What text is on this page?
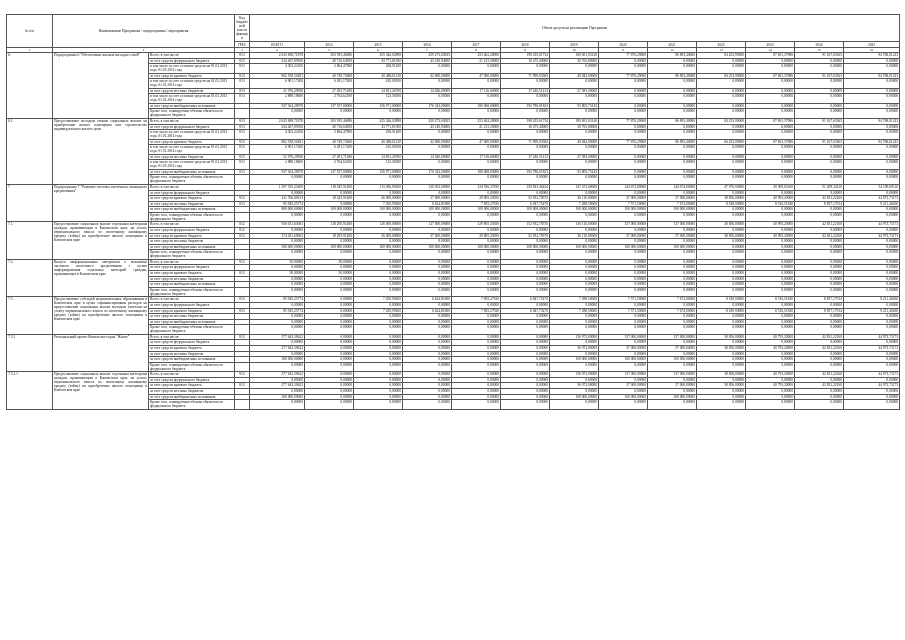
№ п/п	Наименование Программы / подпрограммы / мероприятия		Код бюджетной классификации	Объем средств на реализацию Программы												
			ГРБС	ВСЕГО	2014	2015	2016	2017	2018	2019	2020	2021	2022	2023	2024	2025
1	2		3	4	5	6	7	8	9	10	11	12	13	14	15	16
6.	Подпрограмма 6 "Обеспечение жильем молодых семей"	Всего, в том числе:	813	2 043 698,71878	503 935,46086	255 346,02898	259 273,04925	253 462,28000	198 435,61734	180 691,03140	77 876,29000	86 893,40000	84 253,99000	87 691,37986	91 167,63365	94 768,01223
		за счет средств федерального бюджета	813	234 467,85950	40 716,64950	43 771,81500	43 140,94000	21 213,30000	16 475,40000	30 765,80000	0,00000	0,00000	0,00000	0,00000	0,00000	0,00000
		в том числе за счет остатков средств на 01.01.2013 года, 01.01.2014 года	813	4 303,22100	3 864,47900	438,91200	0,00000	0,00000	0,00000	0,00000	0,00000	0,00000	0,00000	0,00000	0,00000	0,00000
		за счет средств краевого бюджета	813	802 558,50281	40 749,72660	40 486,61120	42 000,00000	47 000,00000	71 999,03300	40 842,00000	77 876,29000	86 893,40000	84 253,99000	87 691,37986	91 167,63365	94 768,01223
		в том числе за счет остатков средств на 01.01.2013 года, 01.01.2014 года	813	6 901,17200	6 491,17200	410,00100	0,00000	0,00000	0,00000	0,00000	0,00000	0,00000	0,00000	0,00000	0,00000	0,00000
		за счет средств местных бюджетов	813	51 976,29930	27 491,71280	14 831,26700	14 026,00000	17 116,60000	17 246,51413	27 583,00000	0,00000	0,00000	0,00000	0,00000	0,00000	0,00000
		в том числе за счет остатков средств на 01.01.2013 года, 01.01.2014 года	813	2 888,18600	2 764,62100	123,56500	0,00000	0,00000	0,00000	0,00000	0,00000	0,00000	0,00000	0,00000	0,00000	0,00000
		за счет средств внебюджетных источников		937 364,28978	137 557,00000	156 971,00000	176 343,00000	180 068,00000	192 786,01823	93 805,73143	0,00000	0,00000	0,00000	0,00000	0,00000	0,00000
		Кроме того, планируемые объемы обязательств федерального бюджета		0,00000	0,00000	0,00000	0,00000	0,00000	0,00000	0,00000	0,00000	0,00000	0,00000	0,00000	0,00000	0,00000
6.1.	Предоставление молодым семьям социальных выплат на приобретение жилого помещения или строительство индивидуального жилого дома	Всего, в том числе:	813	2 043 698,71878	503 935,46086	255 346,02898	259 273,04925	253 462,28000	198 435,61734	180 691,03140	77 876,29000	86 893,40000	84 253,99000	87 691,37986	91 167,63365	94 768,01223
		за счет средств федерального бюджета	813	234 467,85950	40 716,64950	43 771,81500	43 140,94000	21 213,30000	16 475,40000	30 765,80000	0,00000	0,00000	0,00000	0,00000	0,00000	0,00000
		в том числе за счет остатков средств на 01.01.2013 года, 01.01.2014 года	813	4 303,22100	3 864,47900	438,91200	0,00000	0,00000	0,00000	0,00000	0,00000	0,00000	0,00000	0,00000	0,00000	0,00000
		за счет средств краевого бюджета	813	802 558,50281	40 749,72660	40 486,61120	42 000,00000	47 000,00000	71 999,03300	40 842,00000	77 876,29000	86 893,40000	84 253,99000	87 691,37986	91 167,63365	94 768,01223
		в том числе за счет остатков средств на 01.01.2013 года, 01.01.2014 года	813	6 901,17200	6 491,17200	410,00100	0,00000	0,00000	0,00000	0,00000	0,00000	0,00000	0,00000	0,00000	0,00000	0,00000
		за счет средств местных бюджетов	813	51 976,29930	27 491,71280	14 831,26700	14 026,00000	17 116,60000	17 246,51413	27 583,00000	0,00000	0,00000	0,00000	0,00000	0,00000	0,00000
		в том числе за счет остатков средств на 01.01.2013 года, 01.01.2014 года	813	2 888,18600	2 764,62100	123,56500	0,00000	0,00000	0,00000	0,00000	0,00000	0,00000	0,00000	0,00000	0,00000	0,00000
		за счет средств внебюджетных источников	813	937 364,28978	137 557,00000	156 971,00000	176 343,00000	180 068,00000	192 786,01823	93 805,73143	0,00000	0,00000	0,00000	0,00000	0,00000	0,00000
		Кроме того, планируемые объемы обязательств федерального бюджета		0,00000	0,00000	0,00000	0,00000	0,00000	0,00000	0,00000	0,00000	0,00000	0,00000	0,00000	0,00000	0,00000
7.	Подпрограмма 7 "Развитие системы ипотечного жилищного кредитования"	Всего, в том числе:		1 297 355,23409	118 345,91400	113 496,99200	130 052,00000	134 936,37830	159 823,46434	147 473,60000	144 672,80000	144 074,00000	47 076,94900	49 309,02160	51 209,32410	54 109,69110
		за счет средств федерального бюджета		0,00000	0,00000	0,00000	0,00000	0,00000	0,00000	0,00000	0,00000	0,00000	0,00000	0,00000	0,00000	0,00000
		за счет средств краевого бюджета	812	411 766,69413	18 345,91400	26 000,00000	27 000,00000	29 805,43050	52 932,78570	36 110,00000	37 000,00000	37 000,00000	38 856,00000	40 993,20000	42 831,22160	44 973,73173
		за счет средств местных бюджетов	813	85 945,25774	0,00000	7 450,99200	6 624,81000	7 855,27920	6 847,75470	7 288,50000	7 571,50000	7 674,00000	8 180,94900	8 516,51840	8 857,17914	9 211,46630
		за счет средств внебюджетных источников		800 000,00000	100 000,00000	100 000,00000	100 000,00000	100 000,00000	100 000,00000	100 000,00000	100 000,00000	100 000,00000	0,00000	0,00000	0,00000	0,00000
		Кроме того, планируемые объемы обязательств федерального бюджета		0,00000	0,00000	0,00000	0,00000	0,00000	0,00000	0,00000	0,00000	0,00000	0,00000	0,00000	0,00000	0,00000
7.1.	Предоставление социальных выплат отдельным категориям граждан, проживающим в Камчатском крае, на уплату первоначального взноса по ипотечному жилищному кредиту (займу) на приобретение жилого помещения в Камчатском крае	Всего, в том числе:	812	936 031,63063	118 295,91400	126 000,00000	127 000,00000	129 805,43050	152 932,78570	136 110,00000	137 000,00000	137 000,00000	38 856,00000	40 993,20000	42 831,22160	44 973,73173
		за счет средств федерального бюджета	812	0,00000	0,00000	0,00000	0,00000	0,00000	0,00000	0,00000	0,00000	0,00000	0,00000	0,00000	0,00000	0,00000
		за счет средств краевого бюджета	812	174 031,60063	18 295,91400	26 000,00000	27 000,00000	29 805,43050	52 932,78570	36 110,00000	37 000,00000	37 000,00000	38 856,00000	40 993,20000	42 831,22160	44 973,73173
		за счет средств местных бюджетов		0,00000	0,00000	0,00000	0,00000	0,00000	0,00000	0,00000	0,00000	0,00000	0,00000	0,00000	0,00000	0,00000
		за счет средств внебюджетных источников		500 000,00000	100 000,00000	100 000,00000	100 000,00000	100 000,00000	100 000,00000	100 000,00000	100 000,00000	100 000,00000	0,00000	0,00000	0,00000	0,00000
		Кроме того, планируемые объемы обязательств федерального бюджета		0,00000	0,00000	0,00000	0,00000	0,00000	0,00000	0,00000	0,00000	0,00000	0,00000	0,00000	0,00000	0,00000
7.2.	Выпуск информационных материалов о механизме льготного ипотечного кредитования с целью информирования отдельных категорий граждан, проживающих в Камчатском крае	Всего, в том числе:	812	50,00000	50,00000	0,00000	0,00000	0,00000	0,00000	0,00000	0,00000	0,00000	0,00000	0,00000	0,00000	0,00000
		за счет средств федерального бюджета		0,00000	0,00000	0,00000	0,00000	0,00000	0,00000	0,00000	0,00000	0,00000	0,00000	0,00000	0,00000	0,00000
		за счет средств краевого бюджета	812	50,00000	50,00000	0,00000	0,00000	0,00000	0,00000	0,00000	0,00000	0,00000	0,00000	0,00000	0,00000	0,00000
		за счет средств местных бюджетов		0,00000	0,00000	0,00000	0,00000	0,00000	0,00000	0,00000	0,00000	0,00000	0,00000	0,00000	0,00000	0,00000
		за счет средств внебюджетных источников		0,00000	0,00000	0,00000	0,00000	0,00000	0,00000	0,00000	0,00000	0,00000	0,00000	0,00000	0,00000	0,00000
		Кроме того, планируемые объемы обязательств федерального бюджета		0,00000	0,00000	0,00000	0,00000	0,00000	0,00000	0,00000	0,00000	0,00000	0,00000	0,00000	0,00000	0,00000
7.3	Предоставление субсидий муниципальным образованиям в Камчатском крае в целях софинансирования расходов на предоставление социальных выплат молодым учителям на уплату первоначального взноса по ипотечному жилищному кредиту (займу) на приобретение жилого помещения в Камчатском крае	Всего, в том числе:	813	85 945,25774	0,00000	7 450,99200	6 624,81000	7 855,27920	6 847,75470	7 288,50000	7 571,50000	7 674,00000	8 180,94900	8 516,51840	8 857,17914	9 211,46630
		за счет средств федерального бюджета		0,00000	0,00000	0,00000	0,00000	0,00000	0,00000	0,00000	0,00000	0,00000	0,00000	0,00000	0,00000	0,00000
		за счет средств краевого бюджета	813	85 945,25774	0,00000	7 450,99200	6 624,81000	7 855,27920	6 847,75470	7 288,50000	7 571,50000	7 674,00000	8 180,94900	8 516,51840	8 857,17914	9 211,46630
		за счет средств местных бюджетов		0,00000	0,00000	0,00000	0,00000	0,00000	0,00000	0,00000	0,00000	0,00000	0,00000	0,00000	0,00000	0,00000
		за счет средств внебюджетных источников		0,00000	0,00000	0,00000	0,00000	0,00000	0,00000	0,00000	0,00000	0,00000	0,00000	0,00000	0,00000	0,00000
		Кроме того, планируемые объемы обязательств федерального бюджета		0,00000	0,00000	0,00000	0,00000	0,00000	0,00000	0,00000	0,00000	0,00000	0,00000	0,00000	0,00000	0,00000
7.3.1	Региональный проект Камчатского края "Жилье"	Всего, в том числе:	812	377 643,39622	0,00000	0,00000	0,00000	0,00000	0,00000	136 972,00000	137 000,00000	137 000,00000	38 856,00000	40 793,20000	42 831,22160	44 973,73173
		за счет средств федерального бюджета		0,00000	0,00000	0,00000	0,00000	0,00000	0,00000	0,00000	0,00000	0,00000	0,00000	0,00000	0,00000	0,00000
		за счет средств краевого бюджета		277 643,39622	0,00000	0,00000	0,00000	0,00000	0,00000	36 972,00000	37 000,00000	37 000,00000	38 856,00000	40 793,20000	42 831,22160	44 973,73173
		за счет средств местных бюджетов		0,00000	0,00000	0,00000	0,00000	0,00000	0,00000	0,00000	0,00000	0,00000	0,00000	0,00000	0,00000	0,00000
		за счет средств внебюджетных источников		300 000,00000	0,00000	0,00000	0,00000	0,00000	0,00000	100 000,00000	100 000,00000	100 000,00000	0,00000	0,00000	0,00000	0,00000
		Кроме того, планируемые объемы обязательств федерального бюджета		0,00000	0,00000	0,00000	0,00000	0,00000	0,00000	0,00000	0,00000	0,00000	0,00000	0,00000	0,00000	0,00000
7.3.1.1	Предоставление социальных выплат отдельным категориям граждан, проживающим в Камчатском крае, на уплату первоначального взноса по ипотечному жилищному кредиту (займу) на приобретение жилого помещения в Камчатском крае	Всего, в том числе:	812	377 643,39622	0,00000	0,00000	0,00000	0,00000	0,00000	136 972,00000	137 000,00000	137 000,00000	38 856,00000	40 793,20000	42 831,22160	44 973,73173
		за счет средств федерального бюджета		0,00000	0,00000	0,00000	0,00000	0,00000	0,00000	0,00000	0,00000	0,00000	0,00000	0,00000	0,00000	0,00000
		за счет средств краевого бюджета	812	277 643,39622	0,00000	0,00000	0,00000	0,00000	0,00000	36 972,00000	37 000,00000	37 000,00000	38 856,00000	40 793,20000	42 831,22160	44 973,73173
		за счет средств местных бюджетов		0,00000	0,00000	0,00000	0,00000	0,00000	0,00000	0,00000	0,00000	0,00000	0,00000	0,00000	0,00000	0,00000
		за счет средств внебюджетных источников		300 000,00000	0,00000	0,00000	0,00000	0,00000	0,00000	100 000,00000	100 000,00000	100 000,00000	0,00000	0,00000	0,00000	0,00000
		Кроме того, планируемые объемы обязательств федерального бюджета		0,00000	0,00000	0,00000	0,00000	0,00000	0,00000	0,00000	0,00000	0,00000	0,00000	0,00000	0,00000	0,00000
